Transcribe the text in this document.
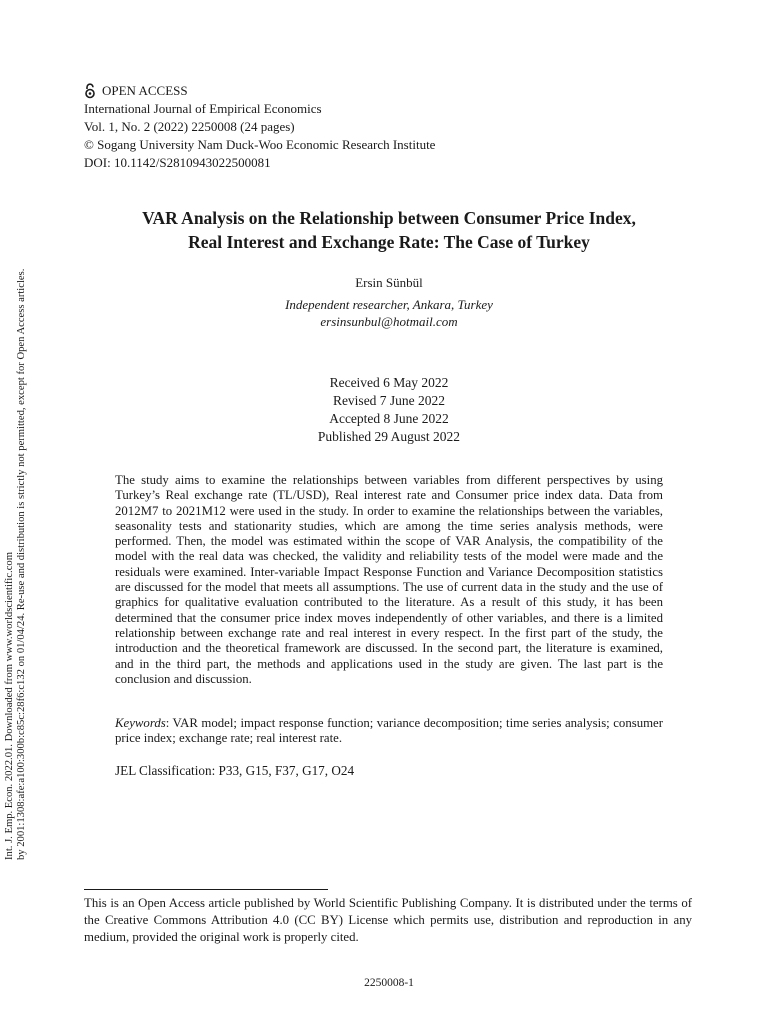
Int. J. Emp. Econ. 2022.01. Downloaded from www.worldscientific.com by 2001:1308:afe:a100:300b:c85c:28f6:c132 on 01/04/24. Re-use and distribution is strictly not permitted, except for Open Access articles.
OPEN ACCESS
International Journal of Empirical Economics
Vol. 1, No. 2 (2022) 2250008 (24 pages)
© Sogang University Nam Duck-Woo Economic Research Institute
DOI: 10.1142/S2810943022500081
VAR Analysis on the Relationship between Consumer Price Index,
Real Interest and Exchange Rate: The Case of Turkey
Ersin Sünbül
Independent researcher, Ankara, Turkey
ersinsunbul@hotmail.com
Received 6 May 2022
Revised 7 June 2022
Accepted 8 June 2022
Published 29 August 2022
The study aims to examine the relationships between variables from different perspectives by using Turkey’s Real exchange rate (TL/USD), Real interest rate and Consumer price index data. Data from 2012M7 to 2021M12 were used in the study. In order to examine the relationships between the variables, seasonality tests and stationarity studies, which are among the time series analysis methods, were performed. Then, the model was estimated within the scope of VAR Analysis, the compatibility of the model with the real data was checked, the validity and reliability tests of the model were made and the residuals were examined. Inter-variable Impact Response Function and Variance Decomposition statistics are discussed for the model that meets all assumptions. The use of current data in the study and the use of graphics for qualitative evaluation contributed to the literature. As a result of this study, it has been determined that the consumer price index moves independently of other variables, and there is a limited relationship between exchange rate and real interest in every respect. In the first part of the study, the introduction and the theoretical framework are discussed. In the second part, the literature is examined, and in the third part, the methods and applications used in the study are given. The last part is the conclusion and discussion.
Keywords: VAR model; impact response function; variance decomposition; time series analysis; consumer price index; exchange rate; real interest rate.
JEL Classification: P33, G15, F37, G17, O24
This is an Open Access article published by World Scientific Publishing Company. It is distributed under the terms of the Creative Commons Attribution 4.0 (CC BY) License which permits use, distribution and reproduction in any medium, provided the original work is properly cited.
2250008-1
